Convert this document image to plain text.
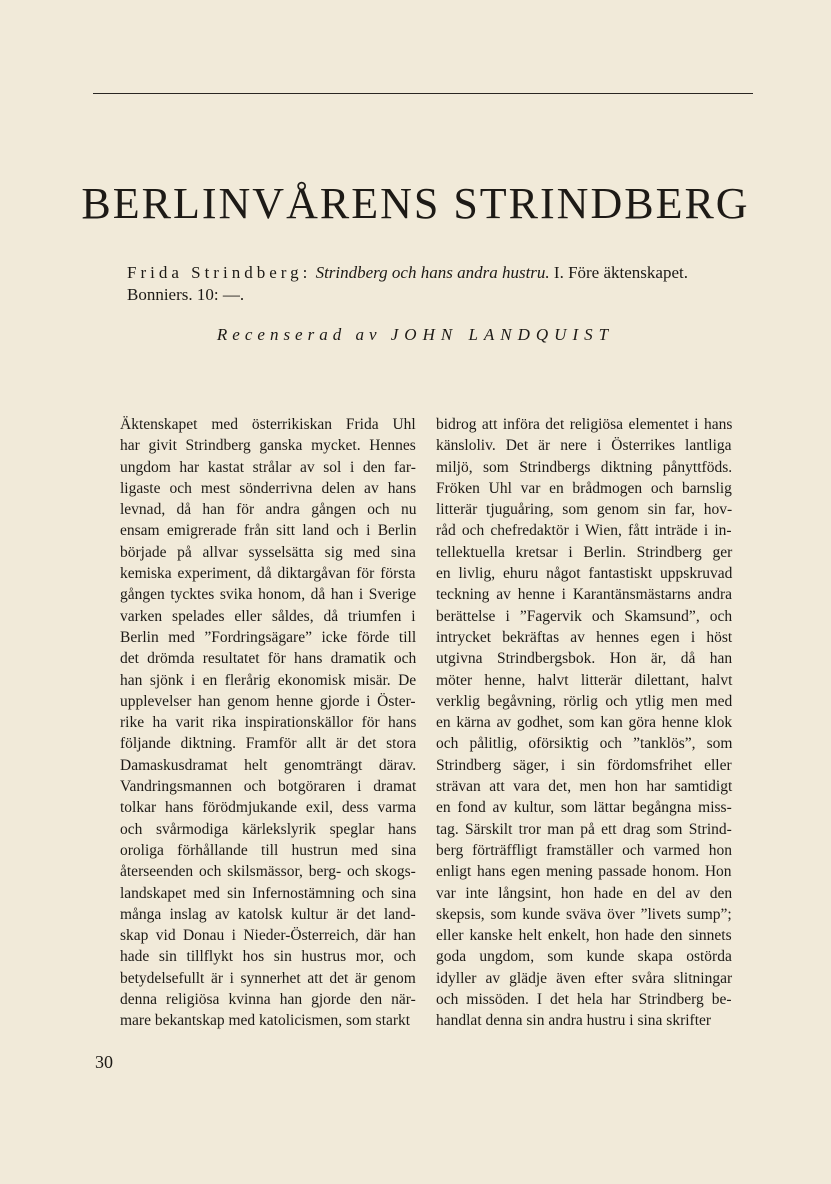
BERLINVÅRENS STRINDBERG
Frida Strindberg: Strindberg och hans andra hustru. I. Före äktenskapet.
Bonniers. 10: —.
Recenserad av JOHN LANDQUIST
Äktenskapet med österrikiskan Frida Uhl
har givit Strindberg ganska mycket. Hennes
ungdom har kastat strålar av sol i den far-
ligaste och mest sönderrivna delen av hans
levnad, då han för andra gången och nu
ensam emigrerade från sitt land och i Berlin
började på allvar sysselsätta sig med sina
kemiska experiment, då diktargåvan för första
gången tycktes svika honom, då han i Sverige
varken spelades eller såldes, då triumfen i
Berlin med ”Fordringsägare” icke förde till
det drömda resultatet för hans dramatik och
han sjönk i en flerårig ekonomisk misär. De
upplevelser han genom henne gjorde i Öster-
rike ha varit rika inspirationskällor för hans
följande diktning. Framför allt är det stora
Damaskusdramat helt genomträngt därav.
Vandringsmannen och botgöraren i dramat
tolkar hans förödmjukande exil, dess varma
och svårmodiga kärlekslyrik speglar hans
oroliga förhållande till hustrun med sina
återseenden och skilsmässor, berg- och skogs-
landskapet med sin Infernostämning och sina
många inslag av katolsk kultur är det land-
skap vid Donau i Nieder-Österreich, där han
hade sin tillflykt hos sin hustrus mor, och
betydelsefullt är i synnerhet att det är genom
denna religiösa kvinna han gjorde den när-
mare bekantskap med katolicismen, som starkt
bidrog att införa det religiösa elementet i hans
känsloliv. Det är nere i Österrikes lantliga
miljö, som Strindbergs diktning pånyttföds.
Fröken Uhl var en brådmogen och barnslig
litterär tjuguåring, som genom sin far, hov-
råd och chefredaktör i Wien, fått inträde i in-
tellektuella kretsar i Berlin. Strindberg ger
en livlig, ehuru något fantastiskt uppskruvad
teckning av henne i Karantänsmästarns andra
berättelse i ”Fagervik och Skamsund”, och
intrycket bekräftas av hennes egen i höst
utgivna Strindbergsbok. Hon är, då han
möter henne, halvt litterär dilettant, halvt
verklig begåvning, rörlig och ytlig men med
en kärna av godhet, som kan göra henne klok
och pålitlig, oförsiktig och ”tanklös”, som
Strindberg säger, i sin fördomsfrihet eller
strävan att vara det, men hon har samtidigt
en fond av kultur, som lättar begångna miss-
tag. Särskilt tror man på ett drag som Strind-
berg förträffligt framställer och varmed hon
enligt hans egen mening passade honom. Hon
var inte långsint, hon hade en del av den
skepsis, som kunde sväva över ”livets sump”;
eller kanske helt enkelt, hon hade den sinnets
goda ungdom, som kunde skapa ostörda
idyller av glädje även efter svåra slitningar
och missöden. I det hela har Strindberg be-
handlat denna sin andra hustru i sina skrifter
30
